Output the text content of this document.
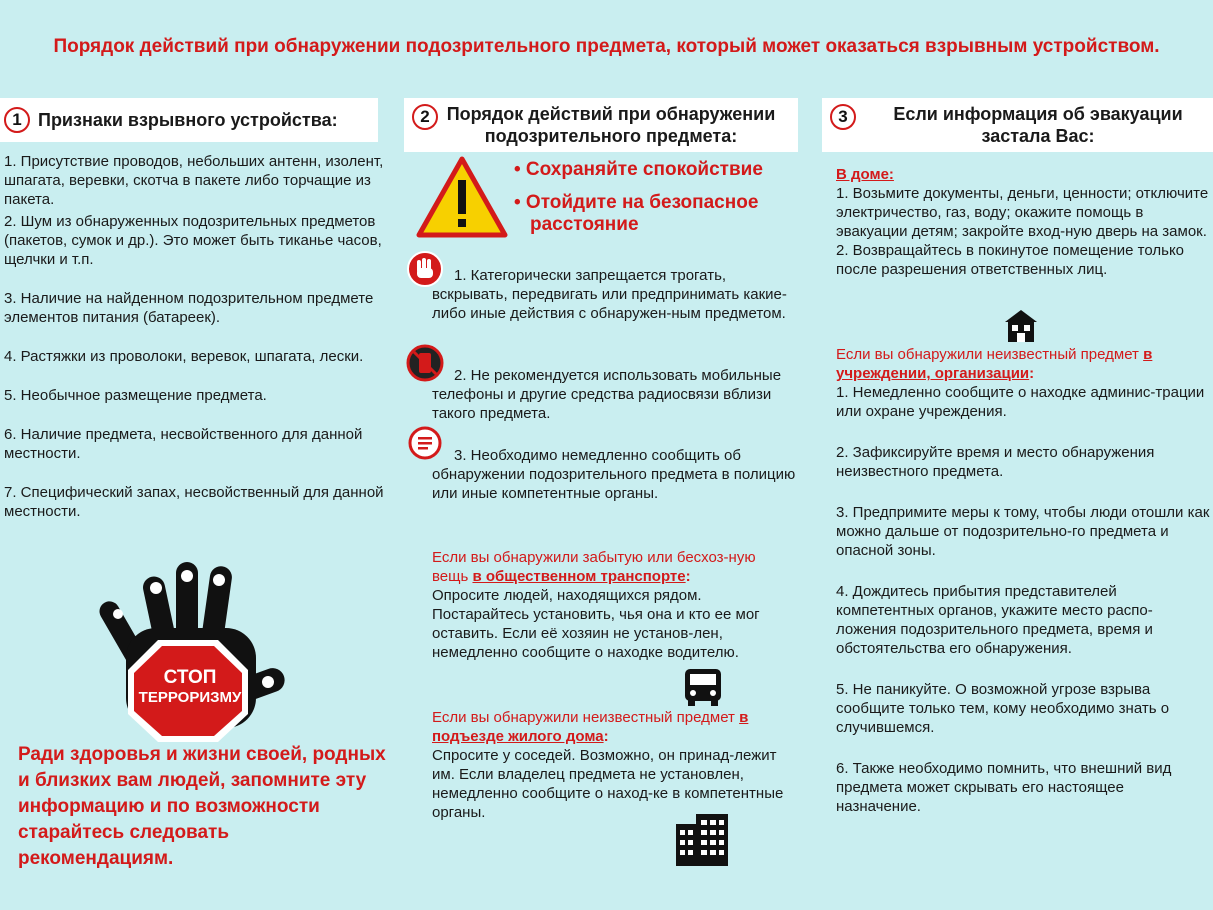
Порядок действий при обнаружении подозрительного предмета, который может оказаться взрывным устройством.
1 Признаки взрывного устройства:

1. Присутствие проводов, небольших антенн, изолент, шпагата, веревки, скотча в пакете либо торчащие из пакета.

2. Шум из обнаруженных подозрительных предметов (пакетов, сумок и др.). Это может быть тиканье часов, щелчки и т.п.

3. Наличие на найденном подозрительном предмете элементов питания (батареек).

4. Растяжки из проволоки, веревок, шпагата, лески.

5. Необычное размещение предмета.

6. Наличие предмета, несвойственного для данной местности.

7. Специфический запах, несвойственный для данной местности.

СТОП
ТЕРРОРИЗМУ
Ради здоровья и жизни своей, родных и близких вам людей, запомните эту информацию и по возможности старайтесь следовать рекомендациям.
2 Порядок действий при обнаружении подозрительного предмета:
• Сохраняйте спокойствие
• Отойдите на безопасное
расстояние
1. Категорически запрещается трогать, вскрывать, передвигать или предпринимать какие- либо иные действия с обнаружен-ным предметом.
2. Не рекомендуется использовать мобильные телефоны и другие средства радиосвязи вблизи такого предмета.
3. Необходимо немедленно сообщить об обнаружении подозрительного предмета в полицию или иные компетентные органы.
Если вы обнаружили забытую или бесхоз-ную вещь в общественном транспорте:
Опросите людей, находящихся рядом. Постарайтесь установить, чья она и кто ее мог оставить. Если её хозяин не установ-лен, немедленно сообщите о находке водителю.
Если вы обнаружили неизвестный предмет в подъезде жилого дома:
Спросите у соседей. Возможно, он принад-лежит им. Если владелец предмета не установлен, немедленно сообщите о наход-ке в компетентные органы.
3	Если информация об эвакуации застала Вас:
В доме:
1. Возьмите документы, деньги, ценности; отключите электричество, газ, воду; окажите помощь в эвакуации детям; закройте вход-ную дверь на замок.
2. Возвращайтесь в покинутое помещение только после разрешения ответственных лиц.
Если вы обнаружили неизвестный предмет в учреждении, организации:
1. Немедленно сообщите о находке админис-трации или охране учреждения.
2. Зафиксируйте время и место обнаружения неизвестного предмета.
3. Предпримите меры к тому, чтобы люди отошли как можно дальше от подозрительно-го предмета и опасной зоны.
4. Дождитесь прибытия представителей компетентных органов, укажите место распо-ложения подозрительного предмета, время и обстоятельства его обнаружения.
5. Не паникуйте. О возможной угрозе взрыва сообщите только тем, кому необходимо знать о случившемся.
6. Также необходимо помнить, что внешний вид предмета может скрывать его настоящее назначение.
